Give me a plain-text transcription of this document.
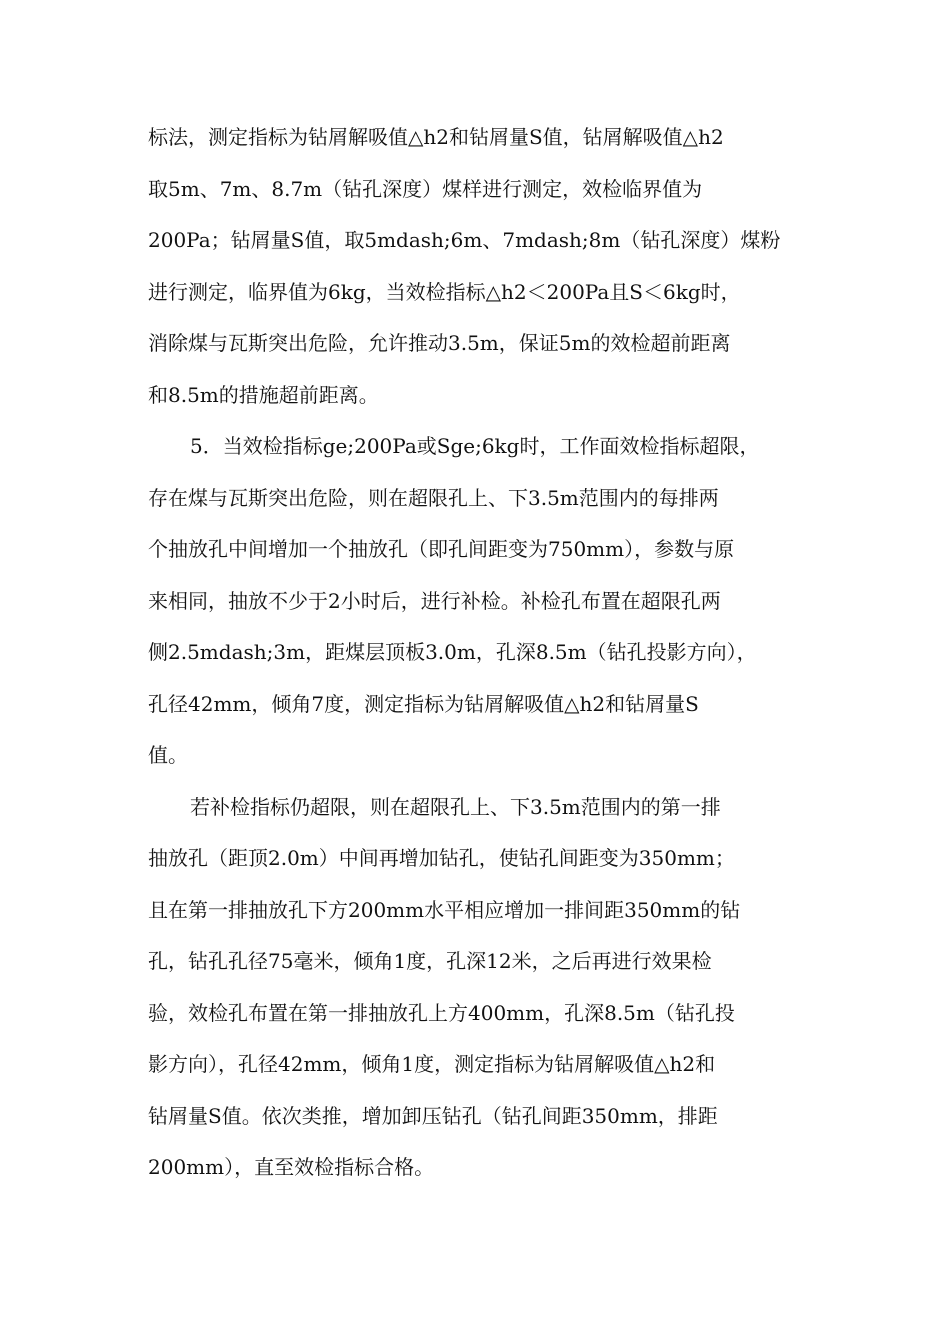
标法，测定指标为钻屑解吸值△h2和钻屑量S值，钻屑解吸值△h2
取5m、7m、8.7m（钻孔深度）煤样进行测定，效检临界值为
200Pa；钻屑量S值，取5mdash;6m、7mdash;8m（钻孔深度）煤粉
进行测定，临界值为6kg，当效检指标△h2＜200Pa且S＜6kg时，
消除煤与瓦斯突出危险，允许推动3.5m，保证5m的效检超前距离
和8.5m的措施超前距离。
5．当效检指标ge;200Pa或Sge;6kg时，工作面效检指标超限，
存在煤与瓦斯突出危险，则在超限孔上、下3.5m范围内的每排两
个抽放孔中间增加一个抽放孔（即孔间距变为750mm），参数与原
来相同，抽放不少于2小时后，进行补检。补检孔布置在超限孔两
侧2.5mdash;3m，距煤层顶板3.0m，孔深8.5m（钻孔投影方向），
孔径42mm，倾角7度，测定指标为钻屑解吸值△h2和钻屑量S
值。
若补检指标仍超限，则在超限孔上、下3.5m范围内的第一排
抽放孔（距顶2.0m）中间再增加钻孔，使钻孔间距变为350mm；
且在第一排抽放孔下方200mm水平相应增加一排间距350mm的钻
孔，钻孔孔径75毫米，倾角1度，孔深12米，之后再进行效果检
验，效检孔布置在第一排抽放孔上方400mm，孔深8.5m（钻孔投
影方向），孔径42mm，倾角1度，测定指标为钻屑解吸值△h2和
钻屑量S值。依次类推，增加卸压钻孔（钻孔间距350mm，排距
200mm），直至效检指标合格。
